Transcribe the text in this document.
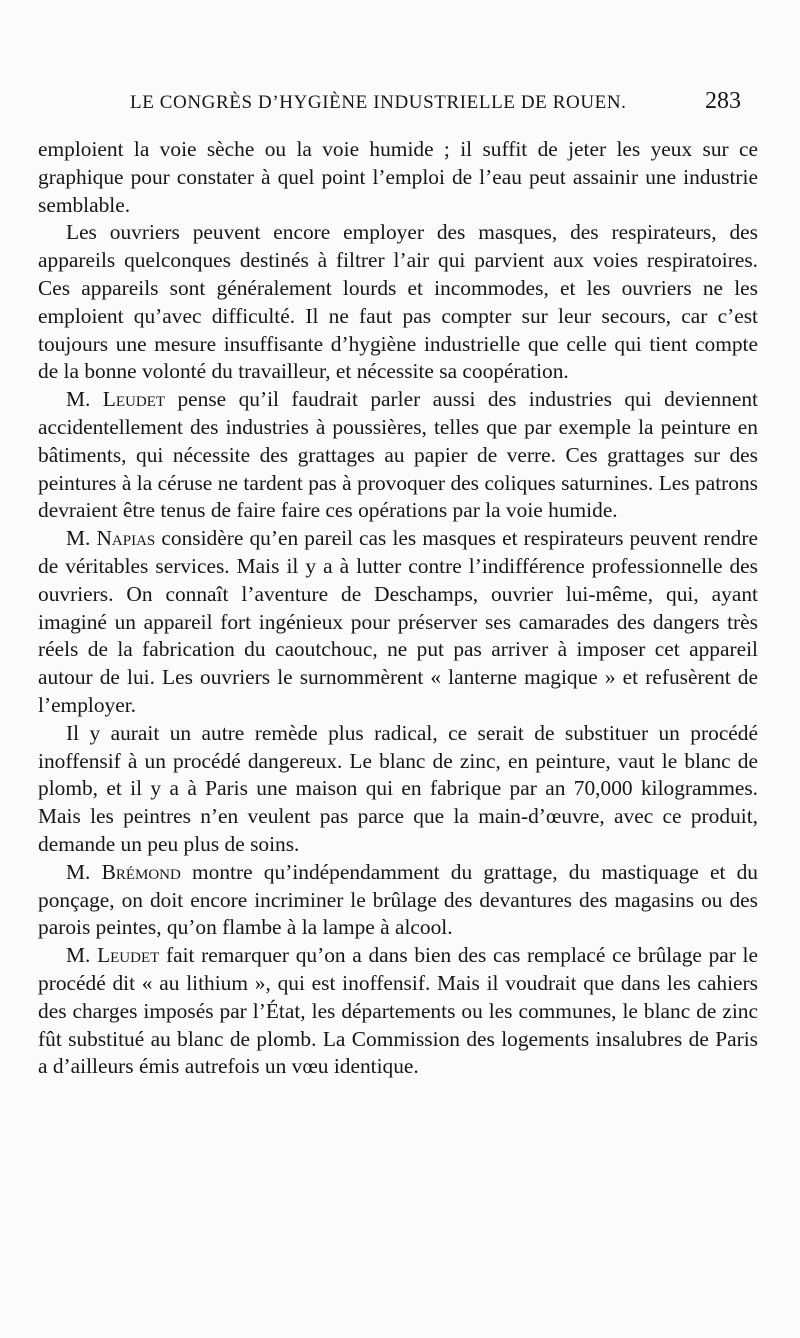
LE CONGRÈS D’HYGIÈNE INDUSTRIELLE DE ROUEN.	283

emploient la voie sèche ou la voie humide ; il suffit de jeter les yeux sur ce graphique pour constater à quel point l’emploi de l’eau peut assainir une industrie semblable.

Les ouvriers peuvent encore employer des masques, des respirateurs, des appareils quelconques destinés à filtrer l’air qui parvient aux voies respiratoires. Ces appareils sont généralement lourds et incommodes, et les ouvriers ne les emploient qu’avec difficulté. Il ne faut pas compter sur leur secours, car c’est toujours une mesure insuffisante d’hygiène industrielle que celle qui tient compte de la bonne volonté du travailleur, et nécessite sa coopération.

M. Leudet pense qu’il faudrait parler aussi des industries qui deviennent accidentellement des industries à poussières, telles que par exemple la peinture en bâtiments, qui nécessite des grattages au papier de verre. Ces grattages sur des peintures à la céruse ne tardent pas à provoquer des coliques saturnines. Les patrons devraient être tenus de faire faire ces opérations par la voie humide.

M. Napias considère qu’en pareil cas les masques et respirateurs peuvent rendre de véritables services. Mais il y a à lutter contre l’indifférence professionnelle des ouvriers. On connaît l’aventure de Deschamps, ouvrier lui-même, qui, ayant imaginé un appareil fort ingénieux pour préserver ses camarades des dangers très réels de la fabrication du caoutchouc, ne put pas arriver à imposer cet appareil autour de lui. Les ouvriers le surnommèrent « lanterne magique » et refusèrent de l’employer.

Il y aurait un autre remède plus radical, ce serait de substituer un procédé inoffensif à un procédé dangereux. Le blanc de zinc, en peinture, vaut le blanc de plomb, et il y a à Paris une maison qui en fabrique par an 70,000 kilogrammes. Mais les peintres n’en veulent pas parce que la main-d’œuvre, avec ce produit, demande un peu plus de soins.

M. Brémond montre qu’indépendamment du grattage, du mastiquage et du ponçage, on doit encore incriminer le brûlage des devantures des magasins ou des parois peintes, qu’on flambe à la lampe à alcool.

M. Leudet fait remarquer qu’on a dans bien des cas remplacé ce brûlage par le procédé dit « au lithium », qui est inoffensif. Mais il voudrait que dans les cahiers des charges imposés par l’État, les départements ou les communes, le blanc de zinc fût substitué au blanc de plomb. La Commission des logements insalubres de Paris a d’ailleurs émis autrefois un vœu identique.
